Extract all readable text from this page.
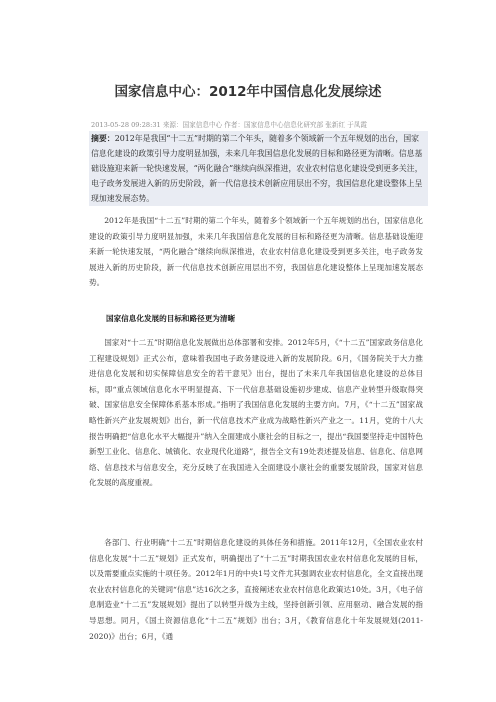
国家信息中心：2012年中国信息化发展综述
2013-05-28 09:28:31 来源：国家信息中心 作者：国家信息中心信息化研究部 张新红 于凤霞
摘要：2012年是我国“十二五”时期的第二个年头，随着多个领域新一个五年规划的出台，国家信息化建设的政策引导力度明显加强，未来几年我国信息化发展的目标和路径更为清晰。信息基础设施迎来新一轮快速发展，“两化融合”继续向纵深推进，农业农村信息化建设受到更多关注，电子政务发展进入新的历史阶段，新一代信息技术创新应用层出不穷，我国信息化建设整体上呈现加速发展态势。

2012年是我国“十二五”时期的第二个年头，随着多个领域新一个五年规划的出台，国家信息化建设的政策引导力度明显加强，未来几年我国信息化发展的目标和路径更为清晰。信息基础设施迎来新一轮快速发展，“两化融合”继续向纵深推进，农业农村信息化建设受到更多关注，电子政务发展进入新的历史阶段，新一代信息技术创新应用层出不穷，我国信息化建设整体上呈现加速发展态势。

国家信息化发展的目标和路径更为清晰

国家对“十二五”时期信息化发展做出总体部署和安排。2012年5月，《“十二五”国家政务信息化工程建设规划》正式公布，意味着我国电子政务建设进入新的发展阶段。6月，《国务院关于大力推进信息化发展和切实保障信息安全的若干意见》出台，提出了未来几年我国信息化建设的总体目标，即“重点领域信息化水平明显提高、下一代信息基础设施初步建成、信息产业转型升级取得突破、国家信息安全保障体系基本形成。”指明了我国信息化发展的主要方向。7月，《“十二五”国家战略性新兴产业发展规划》出台，新一代信息技术产业成为战略性新兴产业之一。11月，党的十八大报告明确把“信息化水平大幅提升”纳入全面建成小康社会的目标之一，提出“我国要坚持走中国特色新型工业化、信息化、城镇化、农业现代化道路”，报告全文有19处表述提及信息、信息化、信息网络、信息技术与信息安全，充分反映了在我国进入全面建设小康社会的重要发展阶段，国家对信息化发展的高度重视。

各部门、行业明确“十二五”时期信息化建设的具体任务和措施。2011年12月，《全国农业农村信息化发展“十二五”规划》正式发布，明确提出了“十二五”时期我国农业农村信息化发展的目标，以及需要重点实施的十项任务。2012年1月的中央1号文件尤其强调农业农村信息化，全文直接出现农业农村信息化的关键词“信息”达16次之多，直接阐述农业农村信息化政策达10处。3月，《电子信息制造业“十二五”发展规划》提出了以转型升级为主线，坚持创新引领、应用驱动、融合发展的指导思想。同月，《国土资源信息化“十二五”规划》出台；3月，《教育信息化十年发展规划(2011-2020)》出台；6月，《通
